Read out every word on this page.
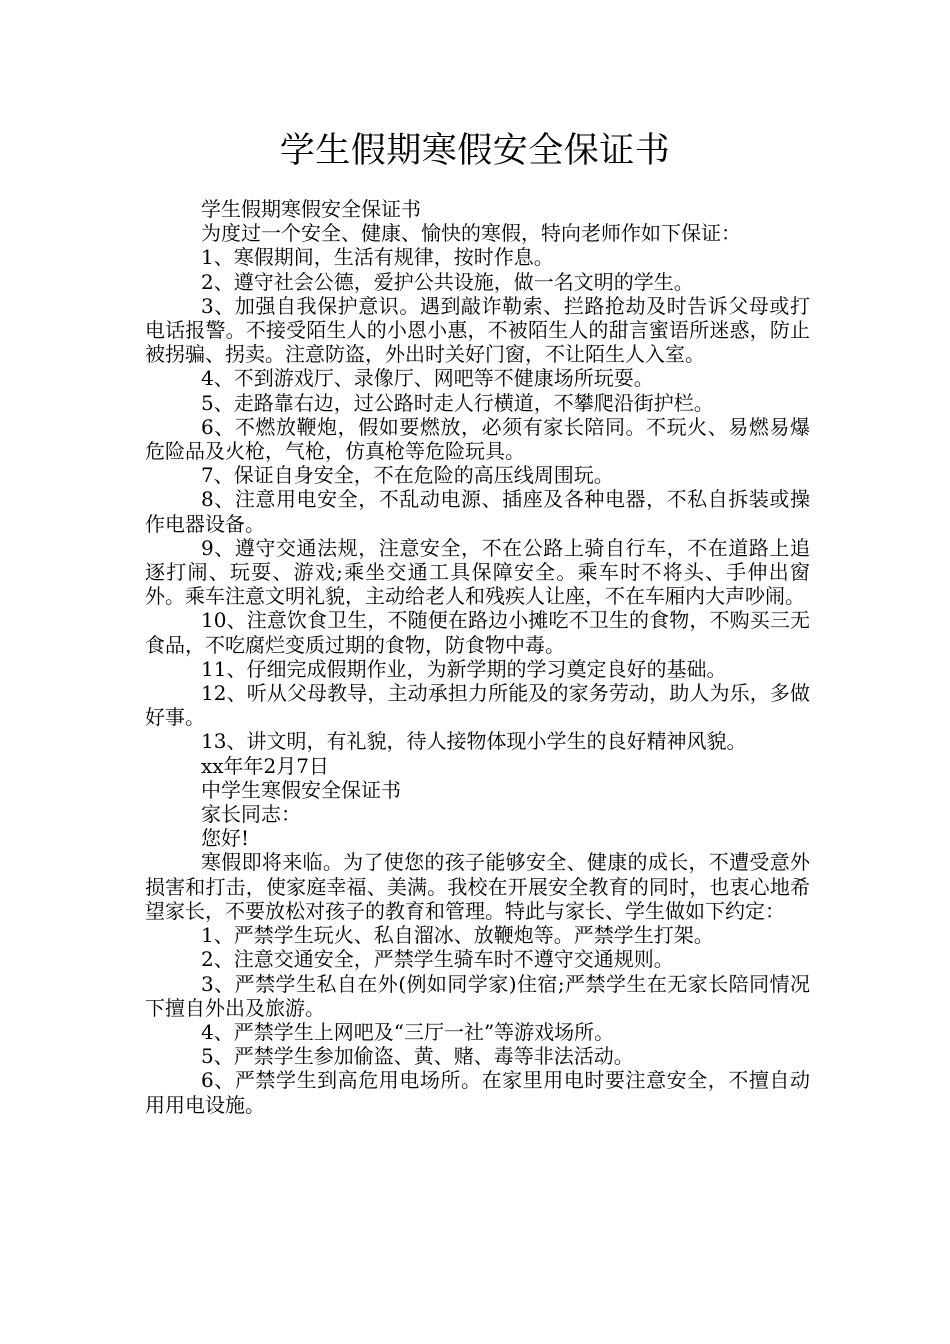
学生假期寒假安全保证书

学生假期寒假安全保证书

为度过一个安全、健康、愉快的寒假，特向老师作如下保证：

1、寒假期间，生活有规律，按时作息。

2、遵守社会公德，爱护公共设施，做一名文明的学生。

3、加强自我保护意识。遇到敲诈勒索、拦路抢劫及时告诉父母或打电话报警。不接受陌生人的小恩小惠，不被陌生人的甜言蜜语所迷惑，防止被拐骗、拐卖。注意防盗，外出时关好门窗，不让陌生人入室。

4、不到游戏厅、录像厅、网吧等不健康场所玩耍。

5、走路靠右边，过公路时走人行横道，不攀爬沿街护栏。

6、不燃放鞭炮，假如要燃放，必须有家长陪同。不玩火、易燃易爆危险品及火枪，气枪，仿真枪等危险玩具。

7、保证自身安全，不在危险的高压线周围玩。

8、注意用电安全，不乱动电源、插座及各种电器，不私自拆装或操作电器设备。

9、遵守交通法规，注意安全，不在公路上骑自行车，不在道路上追逐打闹、玩耍、游戏;乘坐交通工具保障安全。乘车时不将头、手伸出窗外。乘车注意文明礼貌，主动给老人和残疾人让座，不在车厢内大声吵闹。

10、注意饮食卫生，不随便在路边小摊吃不卫生的食物，不购买三无食品，不吃腐烂变质过期的食物，防食物中毒。

11、仔细完成假期作业，为新学期的学习奠定良好的基础。

12、听从父母教导，主动承担力所能及的家务劳动，助人为乐，多做好事。

13、讲文明，有礼貌，待人接物体现小学生的良好精神风貌。

xx年年2月7日

中学生寒假安全保证书

家长同志：

您好!

寒假即将来临。为了使您的孩子能够安全、健康的成长，不遭受意外损害和打击，使家庭幸福、美满。我校在开展安全教育的同时，也衷心地希望家长，不要放松对孩子的教育和管理。特此与家长、学生做如下约定：

1、严禁学生玩火、私自溜冰、放鞭炮等。严禁学生打架。

2、注意交通安全，严禁学生骑车时不遵守交通规则。

3、严禁学生私自在外(例如同学家)住宿;严禁学生在无家长陪同情况下擅自外出及旅游。

4、严禁学生上网吧及“三厅一社”等游戏场所。

5、严禁学生参加偷盗、黄、赌、毒等非法活动。

6、严禁学生到高危用电场所。在家里用电时要注意安全，不擅自动用用电设施。
